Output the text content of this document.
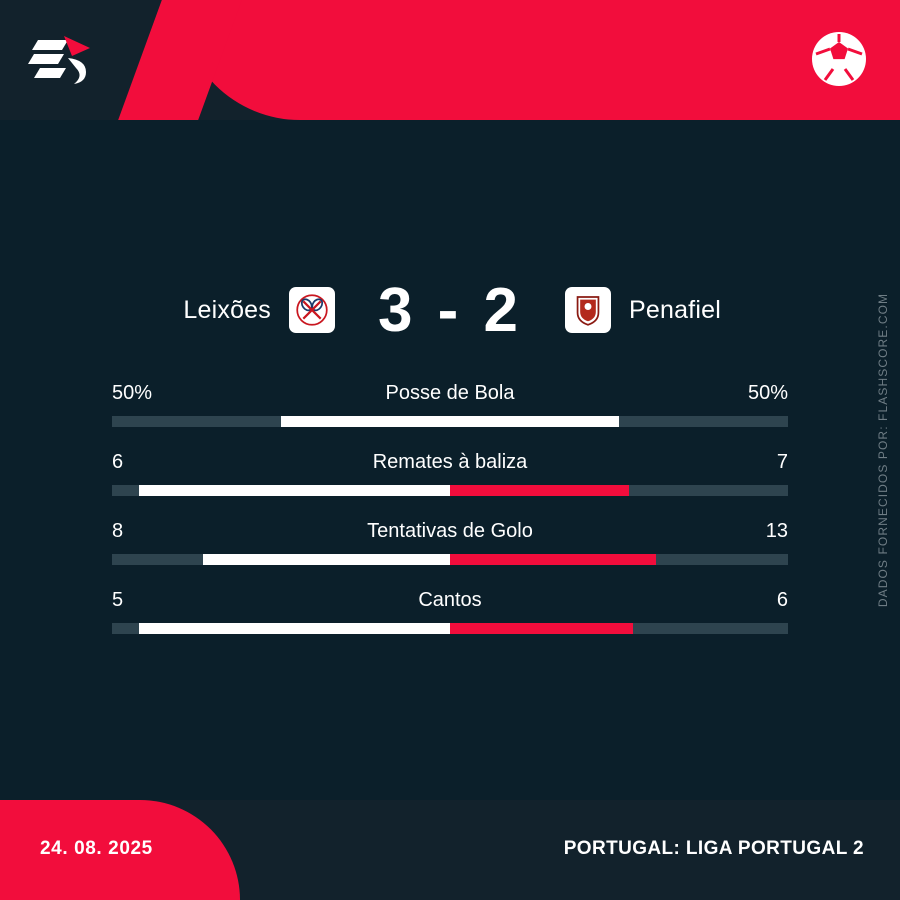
Leixões	3 - 2	Penafiel
50%	Posse de Bola	50%
6	Remates à baliza	7
8	Tentativas de Golo	13
5	Cantos	6	DADOS FORNECIDOS POR: FLASHSCORE.COM
24. 08. 2025	PORTUGAL: LIGA PORTUGAL 2
